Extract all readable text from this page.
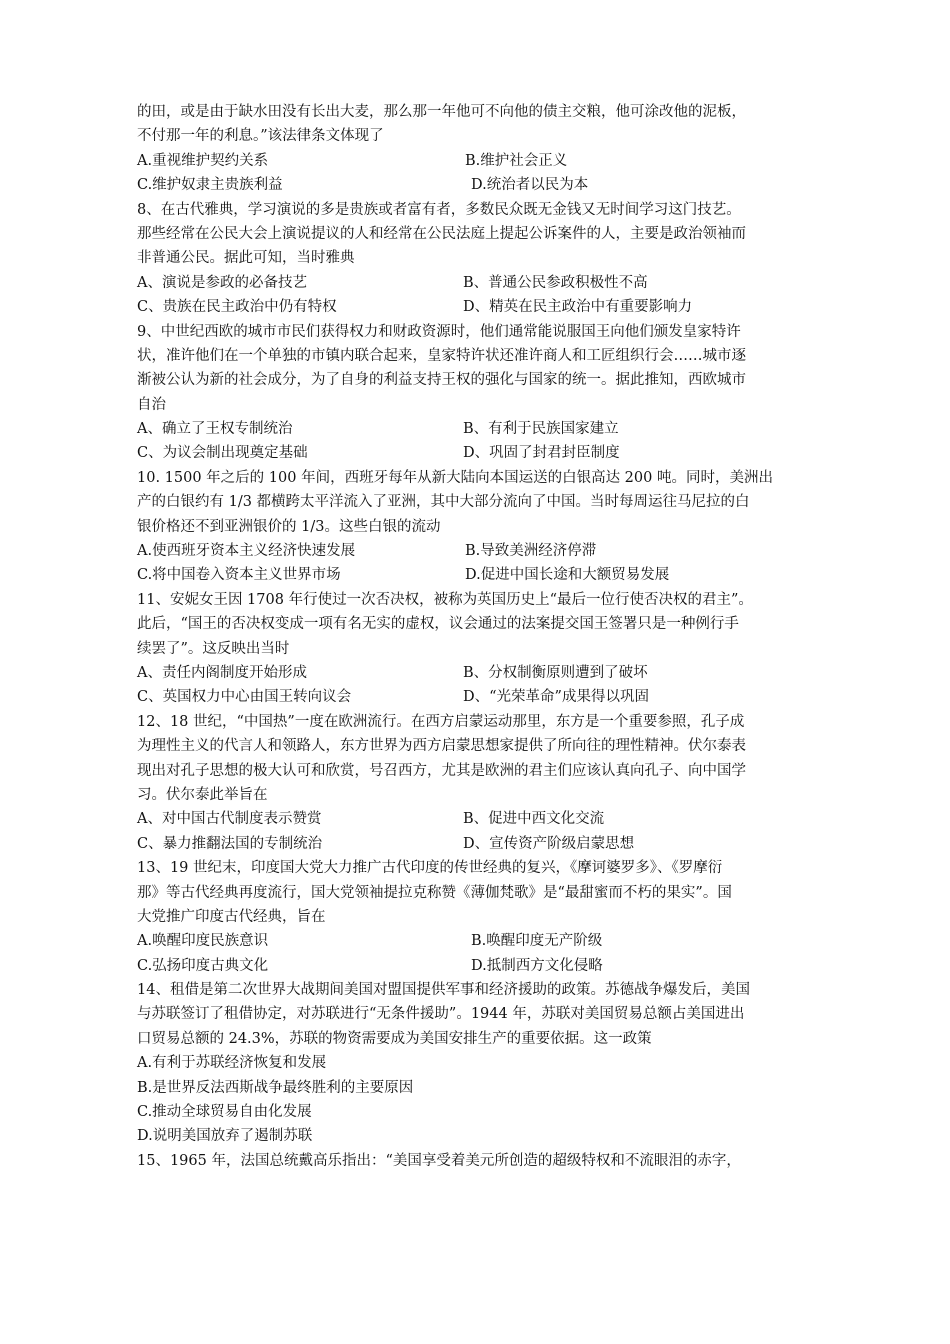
的田，或是由于缺水田没有长出大麦，那么那一年他可不向他的债主交粮，他可涂改他的泥板，
不付那一年的利息。”该法律条文体现了
A.重视维护契约关系	B.维护社会正义
C.维护奴隶主贵族利益	D.统治者以民为本
8、在古代雅典，学习演说的多是贵族或者富有者，多数民众既无金钱又无时间学习这门技艺。
那些经常在公民大会上演说提议的人和经常在公民法庭上提起公诉案件的人，主要是政治领袖而
非普通公民。据此可知，当时雅典
A、演说是参政的必备技艺	B、普通公民参政积极性不高
C、贵族在民主政治中仍有特权	D、精英在民主政治中有重要影响力
9、中世纪西欧的城市市民们获得权力和财政资源时，他们通常能说服国王向他们颁发皇家特许
状，准许他们在一个单独的市镇内联合起来，皇家特许状还准许商人和工匠组织行会……城市逐
渐被公认为新的社会成分，为了自身的利益支持王权的强化与国家的统一。据此推知，西欧城市
自治
A、确立了王权专制统治	B、有利于民族国家建立
C、为议会制出现奠定基础	D、巩固了封君封臣制度
10. 1500 年之后的 100 年间，西班牙每年从新大陆向本国运送的白银高达 200 吨。同时，美洲出
产的白银约有 1/3 都横跨太平洋流入了亚洲，其中大部分流向了中国。当时每周运往马尼拉的白
银价格还不到亚洲银价的 1/3。这些白银的流动
A.使西班牙资本主义经济快速发展	B.导致美洲经济停滞
C.将中国卷入资本主义世界市场	D.促进中国长途和大额贸易发展
11、安妮女王因 1708 年行使过一次否决权，被称为英国历史上“最后一位行使否决权的君主”。
此后，“国王的否决权变成一项有名无实的虚权，议会通过的法案提交国王签署只是一种例行手
续罢了”。这反映出当时
A、责任内阁制度开始形成	B、分权制衡原则遭到了破坏
C、英国权力中心由国王转向议会	D、“光荣革命”成果得以巩固
12、18 世纪，“中国热”一度在欧洲流行。在西方启蒙运动那里，东方是一个重要参照，孔子成
为理性主义的代言人和领路人，东方世界为西方启蒙思想家提供了所向往的理性精神。伏尔泰表
现出对孔子思想的极大认可和欣赏，号召西方，尤其是欧洲的君主们应该认真向孔子、向中国学
习。伏尔泰此举旨在
A、对中国古代制度表示赞赏	B、促进中西文化交流
C、暴力推翻法国的专制统治	D、宣传资产阶级启蒙思想
13、19 世纪末，印度国大党大力推广古代印度的传世经典的复兴，《摩诃婆罗多》、《罗摩衍
那》等古代经典再度流行，国大党领袖提拉克称赞《薄伽梵歌》是“最甜蜜而不朽的果实”。国
大党推广印度古代经典，旨在
A.唤醒印度民族意识	B.唤醒印度无产阶级
C.弘扬印度古典文化	D.抵制西方文化侵略
14、租借是第二次世界大战期间美国对盟国提供军事和经济援助的政策。苏德战争爆发后，美国
与苏联签订了租借协定，对苏联进行“无条件援助”。1944 年，苏联对美国贸易总额占美国进出
口贸易总额的 24.3%，苏联的物资需要成为美国安排生产的重要依据。这一政策
A.有利于苏联经济恢复和发展
B.是世界反法西斯战争最终胜利的主要原因
C.推动全球贸易自由化发展
D.说明美国放弃了遏制苏联
15、1965 年，法国总统戴高乐指出：“美国享受着美元所创造的超级特权和不流眼泪的赤字，
